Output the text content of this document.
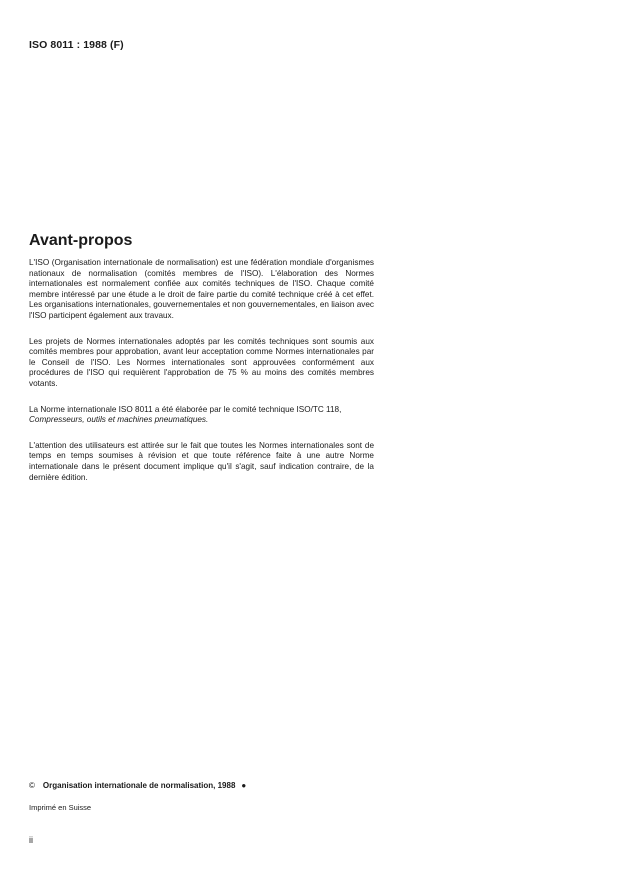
ISO 8011 : 1988 (F)
Avant-propos

L'ISO (Organisation internationale de normalisation) est une fédération mondiale d'organismes nationaux de normalisation (comités membres de l'ISO). L'élaboration des Normes internationales est normalement confiée aux comités techniques de l'ISO. Chaque comité membre intéressé par une étude a le droit de faire partie du comité technique créé à cet effet. Les organisations internationales, gouvernementales et non gouvernementales, en liaison avec l'ISO participent également aux travaux.

Les projets de Normes internationales adoptés par les comités techniques sont soumis aux comités membres pour approbation, avant leur acceptation comme Normes internationales par le Conseil de l'ISO. Les Normes internationales sont approuvées conformément aux procédures de l'ISO qui requièrent l'approbation de 75 % au moins des comités membres votants.

La Norme internationale ISO 8011 a été élaborée par le comité technique ISO/TC 118,
Compresseurs, outils et machines pneumatiques.

L'attention des utilisateurs est attirée sur le fait que toutes les Normes internationales sont de temps en temps soumises à révision et que toute référence faite à une autre Norme internationale dans le présent document implique qu'il s'agit, sauf indication contraire, de la dernière édition.

© Organisation internationale de normalisation, 1988 ●
Imprimé en Suisse
ii
